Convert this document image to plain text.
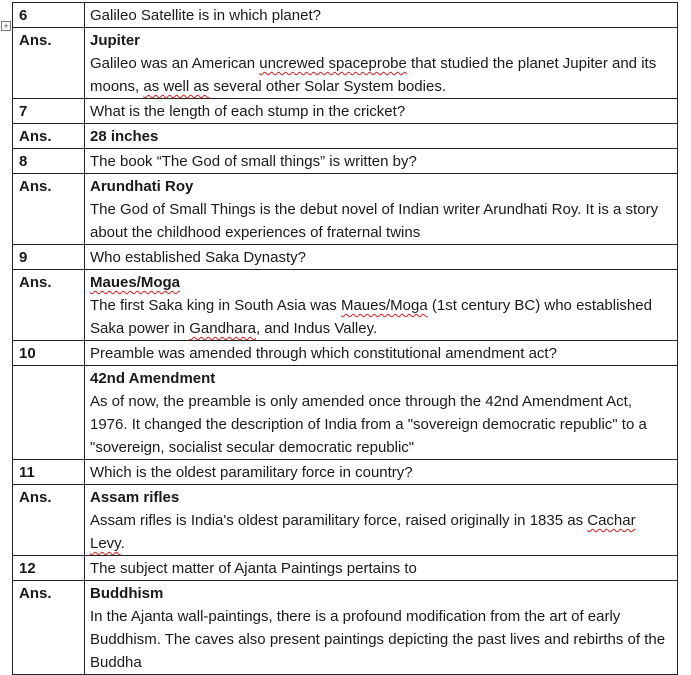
+
6	Galileo Satellite is in which planet?
Ans.	Jupiter
Galileo was an American uncrewed spaceprobe that studied the planet Jupiter and its moons, as well as several other Solar System bodies.

7	What is the length of each stump in the cricket?
Ans.	28 inches

8	The book “The God of small things” is written by?
Ans.	Arundhati Roy
The God of Small Things is the debut novel of Indian writer Arundhati Roy. It is a story about the childhood experiences of fraternal twins

9	Who established Saka Dynasty?
Ans.	Maues/Moga
The first Saka king in South Asia was Maues/Moga (1st century BC) who established Saka power in Gandhara, and Indus Valley.

10	Preamble was amended through which constitutional amendment act?

	42nd Amendment
As of now, the preamble is only amended once through the 42nd Amendment Act, 1976. It changed the description of India from a "sovereign democratic republic" to a "sovereign, socialist secular democratic republic"

11	Which is the oldest paramilitary force in country?
Ans.	Assam rifles
Assam rifles is India's oldest paramilitary force, raised originally in 1835 as Cachar Levy.

12	The subject matter of Ajanta Paintings pertains to
Ans.	Buddhism
In the Ajanta wall-paintings, there is a profound modification from the art of early Buddhism. The caves also present paintings depicting the past lives and rebirths of the Buddha
